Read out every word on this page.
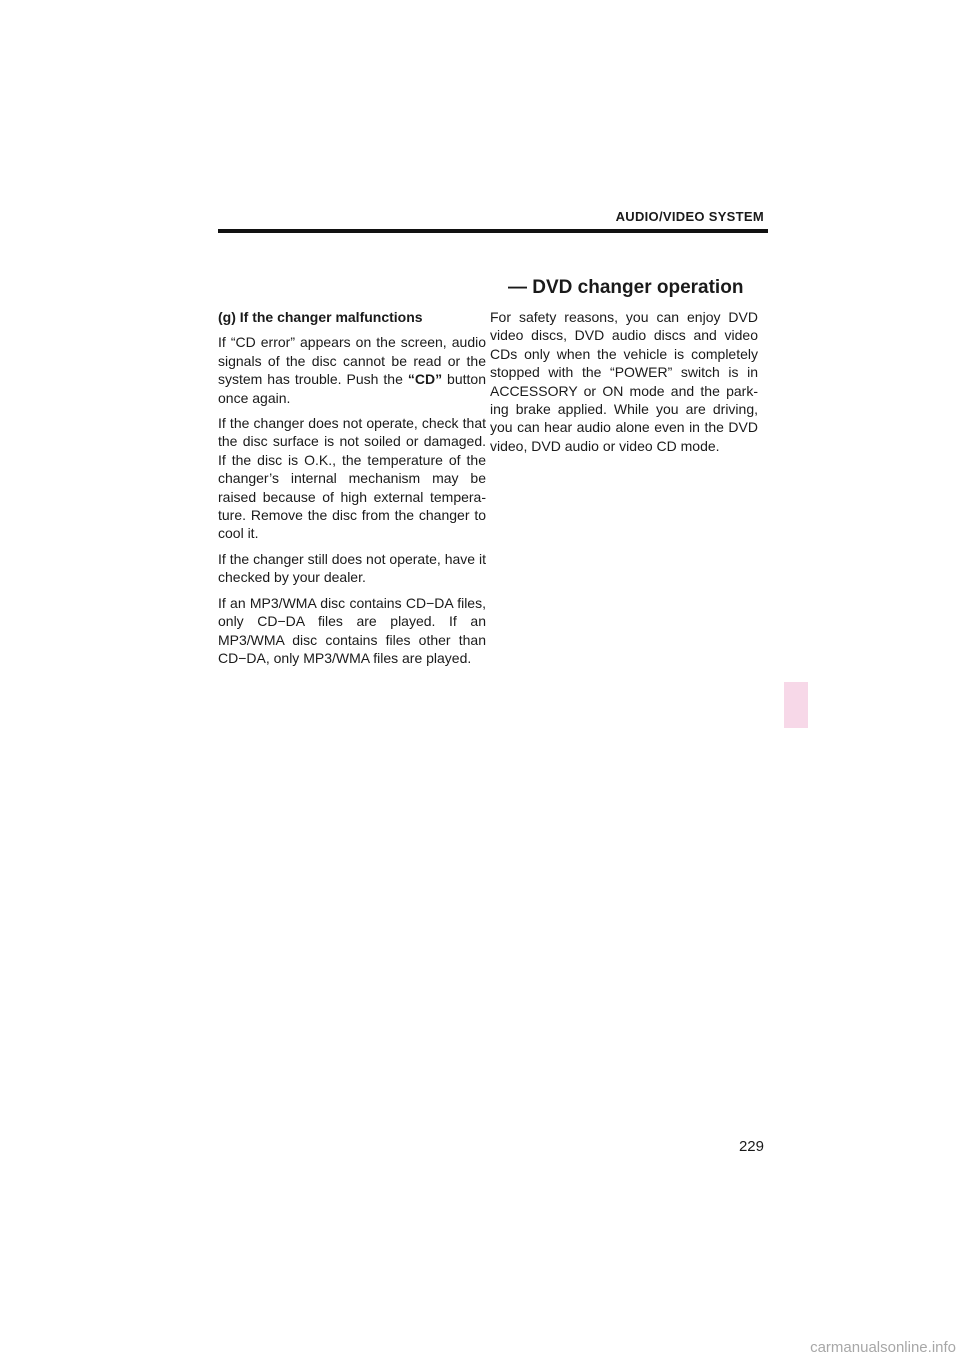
AUDIO/VIDEO SYSTEM
— DVD changer operation

(g) If the changer malfunctions

If “CD error” appears on the screen, audio signals of the disc cannot be read or the system has trouble. Push the “CD” button once again.

If the changer does not operate, check that the disc surface is not soiled or damaged. If the disc is O.K., the temperature of the changer’s internal mechanism may be raised because of high external tempera-ture. Remove the disc from the changer to cool it.

If the changer still does not operate, have it checked by your dealer.

If an MP3/WMA disc contains CD−DA files, only CD−DA files are played. If an MP3/WMA disc contains files other than CD−DA, only MP3/WMA files are played.

For safety reasons, you can enjoy DVD video discs, DVD audio discs and video CDs only when the vehicle is completely stopped with the “POWER” switch is in ACCESSORY or ON mode and the park-ing brake applied. While you are driving, you can hear audio alone even in the DVD video, DVD audio or video CD mode.

229
carmanualsonline.info
